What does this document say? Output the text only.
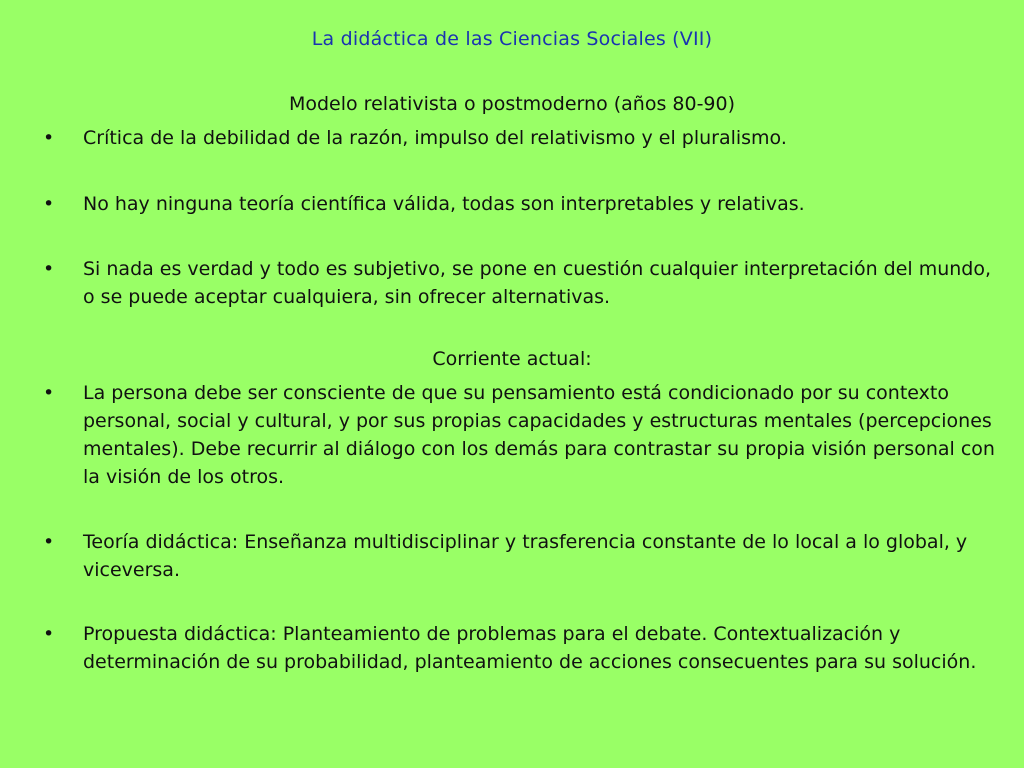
La didáctica de las Ciencias Sociales (VII)
Modelo relativista o postmoderno (años 80-90)
• Crítica de la debilidad de la razón, impulso del relativismo y el pluralismo.
• No hay ninguna teoría científica válida, todas son interpretables y relativas.
• Si nada es verdad y todo es subjetivo, se pone en cuestión cualquier interpretación del mundo, o se puede aceptar cualquiera, sin ofrecer alternativas.
Corriente actual:
• La persona debe ser consciente de que su pensamiento está condicionado por su contexto personal, social y cultural, y por sus propias capacidades y estructuras mentales (percepciones mentales). Debe recurrir al diálogo con los demás para contrastar su propia visión personal con la visión de los otros.
• Teoría didáctica: Enseñanza multidisciplinar y trasferencia constante de lo local a lo global, y viceversa.
• Propuesta didáctica: Planteamiento de problemas para el debate. Contextualización y determinación de su probabilidad, planteamiento de acciones consecuentes para su solución.
